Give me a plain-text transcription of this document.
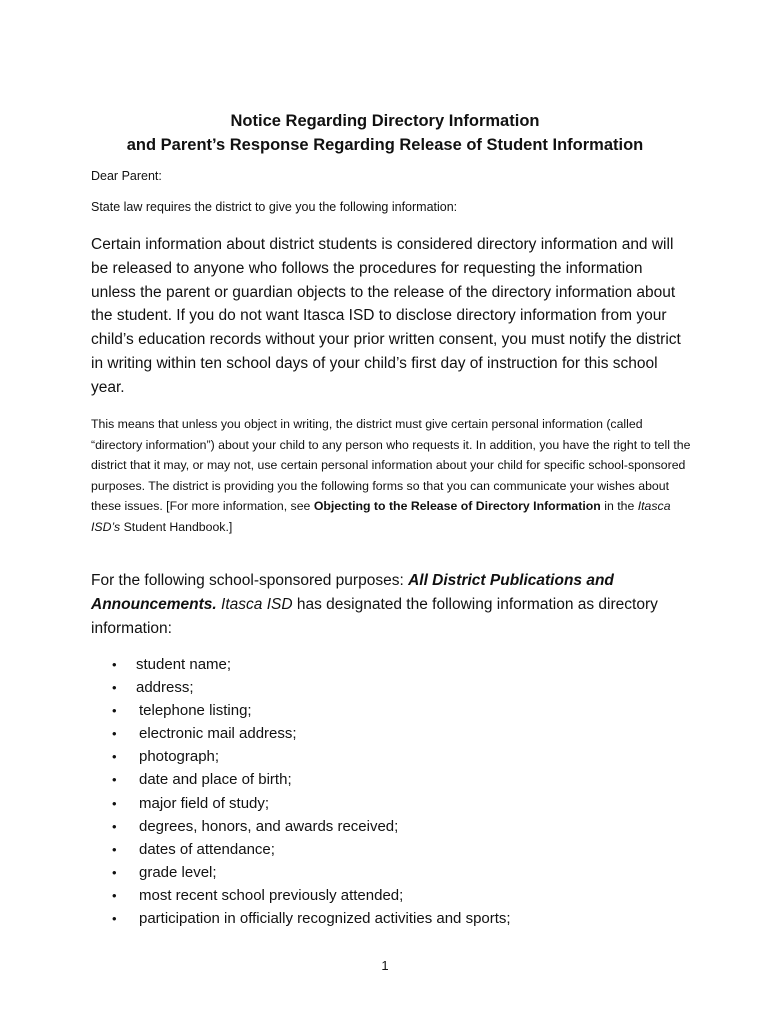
Notice Regarding Directory Information
and Parent’s Response Regarding Release of Student Information
Dear Parent:
State law requires the district to give you the following information:
Certain information about district students is considered directory information and will be released to anyone who follows the procedures for requesting the information unless the parent or guardian objects to the release of the directory information about the student. If you do not want Itasca ISD to disclose directory information from your child’s education records without your prior written consent, you must notify the district in writing within ten school days of your child’s first day of instruction for this school year.
This means that unless you object in writing, the district must give certain personal information (called “directory information”) about your child to any person who requests it. In addition, you have the right to tell the district that it may, or may not, use certain personal information about your child for specific school-sponsored purposes. The district is providing you the following forms so that you can communicate your wishes about these issues. [For more information, see Objecting to the Release of Directory Information in the Itasca ISD’s Student Handbook.]
For the following school-sponsored purposes: All District Publications and Announcements. Itasca ISD has designated the following information as directory information:
• student name;
• address;
• telephone listing;
• electronic mail address;
• photograph;
• date and place of birth;
• major field of study;
• degrees, honors, and awards received;
• dates of attendance;
• grade level;
• most recent school previously attended;
• participation in officially recognized activities and sports;
1
